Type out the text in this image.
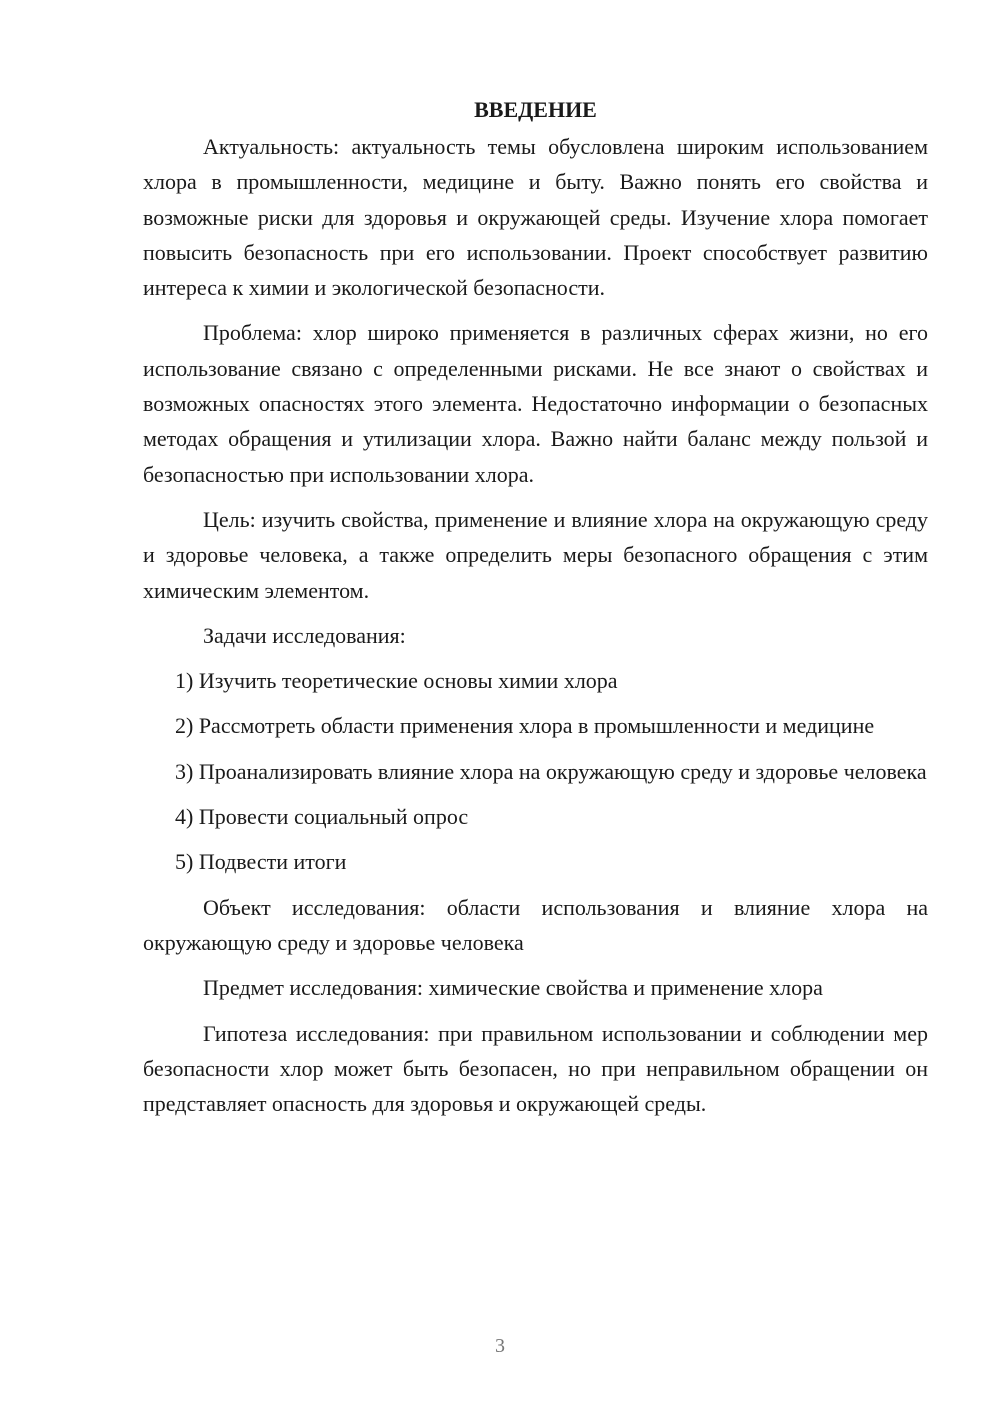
ВВЕДЕНИЕ

Актуальность: актуальность темы обусловлена широким использованием хлора в промышленности, медицине и быту. Важно понять его свойства и возможные риски для здоровья и окружающей среды. Изучение хлора помогает повысить безопасность при его использовании. Проект способствует развитию интереса к химии и экологической безопасности.

Проблема: хлор широко применяется в различных сферах жизни, но его использование связано с определенными рисками. Не все знают о свойствах и возможных опасностях этого элемента. Недостаточно информации о безопасных методах обращения и утилизации хлора. Важно найти баланс между пользой и безопасностью при использовании хлора.

Цель: изучить свойства, применение и влияние хлора на окружающую среду и здоровье человека, а также определить меры безопасного обращения с этим химическим элементом.

Задачи исследования:

1) Изучить теоретические основы химии хлора

2) Рассмотреть области применения хлора в промышленности и медицине

3) Проанализировать влияние хлора на окружающую среду и здоровье человека

4) Провести социальный опрос

5) Подвести итоги

Объект исследования: области использования и влияние хлора на окружающую среду и здоровье человека

Предмет исследования: химические свойства и применение хлора

Гипотеза исследования: при правильном использовании и соблюдении мер безопасности хлор может быть безопасен, но при неправильном обращении он представляет опасность для здоровья и окружающей среды.

3
